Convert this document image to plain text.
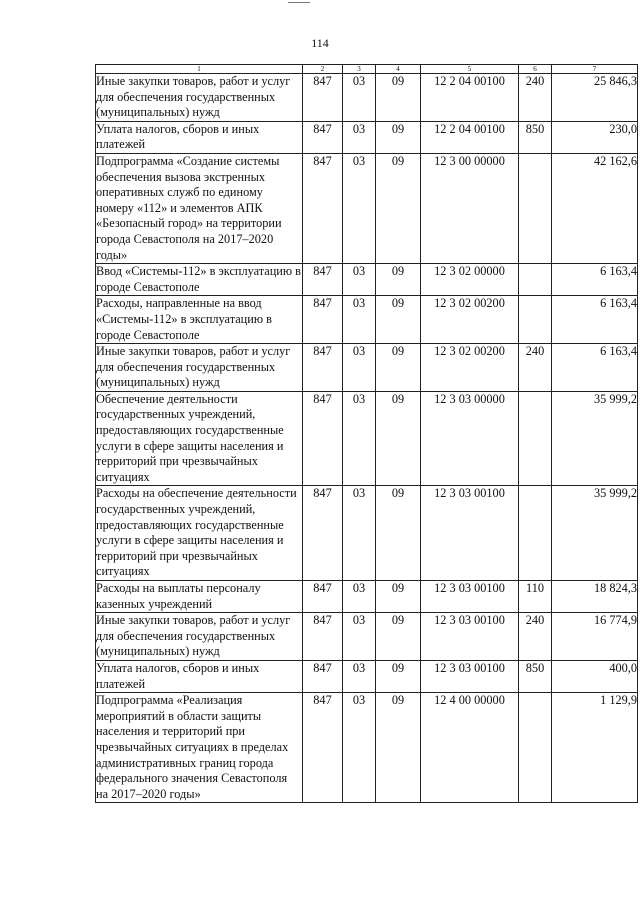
114
1	2	3	4	5	6	7
Иные закупки товаров, работ и услуг для обеспечения государственных (муниципальных) нужд	847	03	09	12 2 04 00100	240	25 846,3
Уплата налогов, сборов и иных платежей	847	03	09	12 2 04 00100	850	230,0
Подпрограмма «Создание системы обеспечения вызова экстренных оперативных служб по единому номеру «112» и элементов АПК «Безопасный город» на территории города Севастополя на 2017–2020 годы»	847	03	09	12 3 00 00000		42 162,6
Ввод «Системы-112» в эксплуатацию в городе Севастополе	847	03	09	12 3 02 00000		6 163,4
Расходы, направленные на ввод «Системы-112» в эксплуатацию в городе Севастополе	847	03	09	12 3 02 00200		6 163,4
Иные закупки товаров, работ и услуг для обеспечения государственных (муниципальных) нужд	847	03	09	12 3 02 00200	240	6 163,4
Обеспечение деятельности государственных учреждений, предоставляющих государственные услуги в сфере защиты населения и территорий при чрезвычайных ситуациях	847	03	09	12 3 03 00000		35 999,2
Расходы на обеспечение деятельности государственных учреждений, предоставляющих государственные услуги в сфере защиты населения и территорий при чрезвычайных ситуациях	847	03	09	12 3 03 00100		35 999,2
Расходы на выплаты персоналу казенных учреждений	847	03	09	12 3 03 00100	110	18 824,3
Иные закупки товаров, работ и услуг для обеспечения государственных (муниципальных) нужд	847	03	09	12 3 03 00100	240	16 774,9
Уплата налогов, сборов и иных платежей	847	03	09	12 3 03 00100	850	400,0
Подпрограмма «Реализация мероприятий в области защиты населения и территорий при чрезвычайных ситуациях в пределах административных границ города федерального значения Севастополя на 2017–2020 годы»	847	03	09	12 4 00 00000		1 129,9
